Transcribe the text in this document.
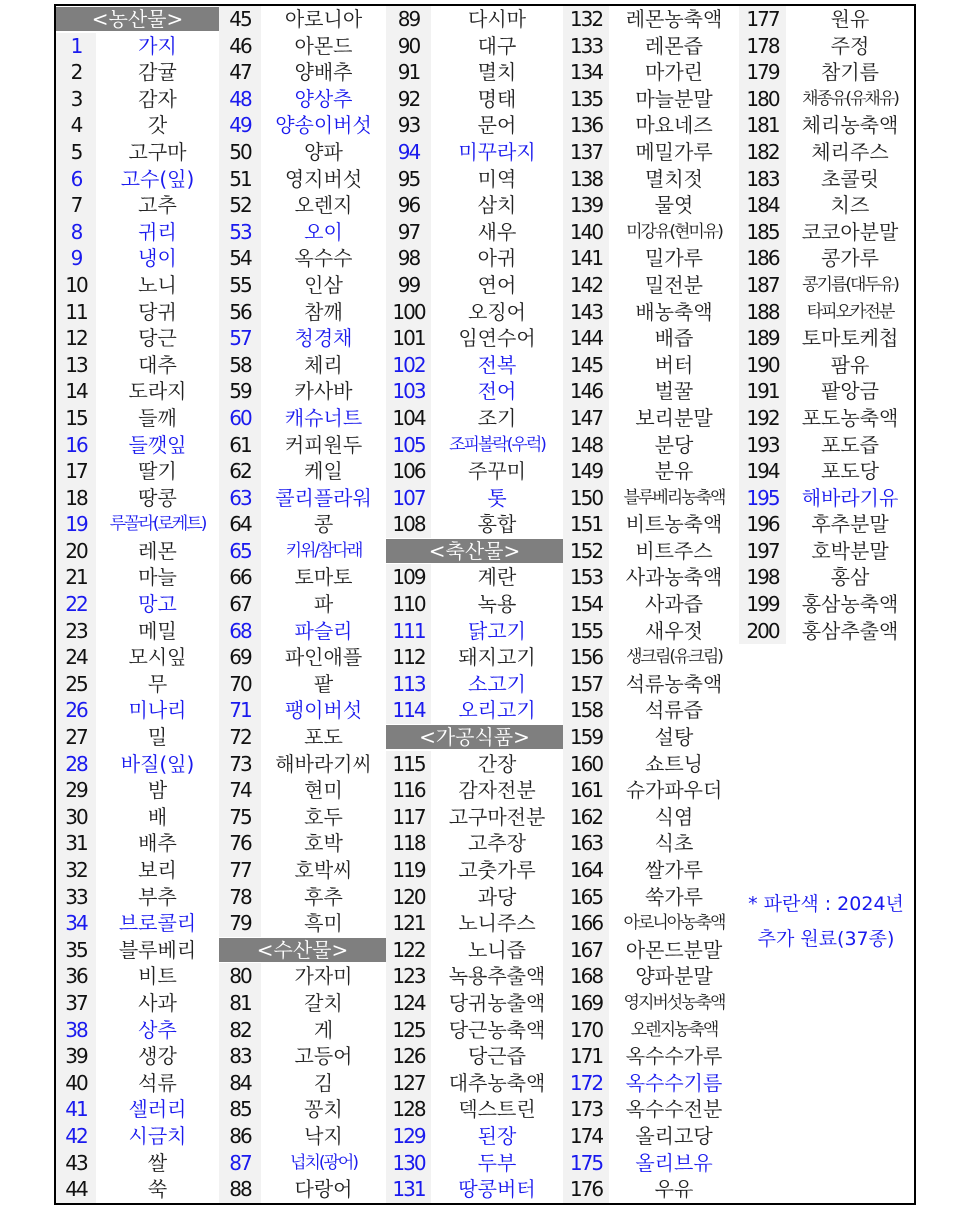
<농산물>
1	가지
2	감귤
3	감자
4	갓
5	고구마
6	고수(잎)
7	고추
8	귀리
9	냉이
10	노니
11	당귀
12	당근
13	대추
14	도라지
15	들깨
16	들깻잎
17	딸기
18	땅콩
19	루꼴라(로케트)
20	레몬
21	마늘
22	망고
23	메밀
24	모시잎
25	무
26	미나리
27	밀
28	바질(잎)
29	밤
30	배
31	배추
32	보리
33	부추
34	브로콜리
35	블루베리
36	비트
37	사과
38	상추
39	생강
40	석류
41	셀러리
42	시금치
43	쌀
44	쑥
45	아로니아
46	아몬드
47	양배추
48	양상추
49	양송이버섯
50	양파
51	영지버섯
52	오렌지
53	오이
54	옥수수
55	인삼
56	참깨
57	청경채
58	체리
59	카사바
60	캐슈너트
61	커피원두
62	케일
63	콜리플라워
64	콩
65	키위/참다래
66	토마토
67	파
68	파슬리
69	파인애플
70	팥
71	팽이버섯
72	포도
73	해바라기씨
74	현미
75	호두
76	호박
77	호박씨
78	후추
79	흑미
<수산물>
80	가자미
81	갈치
82	게
83	고등어
84	김
85	꽁치
86	낙지
87	넙치(광어)
88	다랑어
89	다시마
90	대구
91	멸치
92	명태
93	문어
94	미꾸라지
95	미역
96	삼치
97	새우
98	아귀
99	연어
100	오징어
101	임연수어
102	전복
103	전어
104	조기
105	조피볼락(우럭)
106	주꾸미
107	톳
108	홍합
<축산물>
109	계란
110	녹용
111	닭고기
112	돼지고기
113	소고기
114	오리고기
<가공식품>
115	간장
116	감자전분
117	고구마전분
118	고추장
119	고춧가루
120	과당
121	노니주스
122	노니즙
123	녹용추출액
124	당귀농출액
125	당근농축액
126	당근즙
127	대추농축액
128	덱스트린
129	된장
130	두부
131	땅콩버터
132	레몬농축액
133	레몬즙
134	마가린
135	마늘분말
136	마요네즈
137	메밀가루
138	멸치젓
139	물엿
140	미강유(현미유)
141	밀가루
142	밀전분
143	배농축액
144	배즙
145	버터
146	벌꿀
147	보리분말
148	분당
149	분유
150	블루베리농축액
151	비트농축액
152	비트주스
153	사과농축액
154	사과즙
155	새우젓
156	생크림(유크림)
157	석류농축액
158	석류즙
159	설탕
160	쇼트닝
161	슈가파우더
162	식염
163	식초
164	쌀가루
165	쑥가루
166	아로니아농축액
167	아몬드분말
168	양파분말
169	영지버섯농축액
170	오렌지농축액
171	옥수수가루
172	옥수수기름
173	옥수수전분
174	올리고당
175	올리브유
176	우유
177	원유
178	주정
179	참기름
180	채종유(유채유)
181	체리농축액
182	체리주스
183	초콜릿
184	치즈
185	코코아분말
186	콩가루
187	콩기름(대두유)
188	타피오카전분
189	토마토케첩
190	팜유
191	팥앙금
192	포도농축액
193	포도즙
194	포도당
195	해바라기유
196	후추분말
197	호박분말
198	홍삼
199	홍삼농축액
200	홍삼추출액
* 파란색 : 2024년
추가 원료(37종)
